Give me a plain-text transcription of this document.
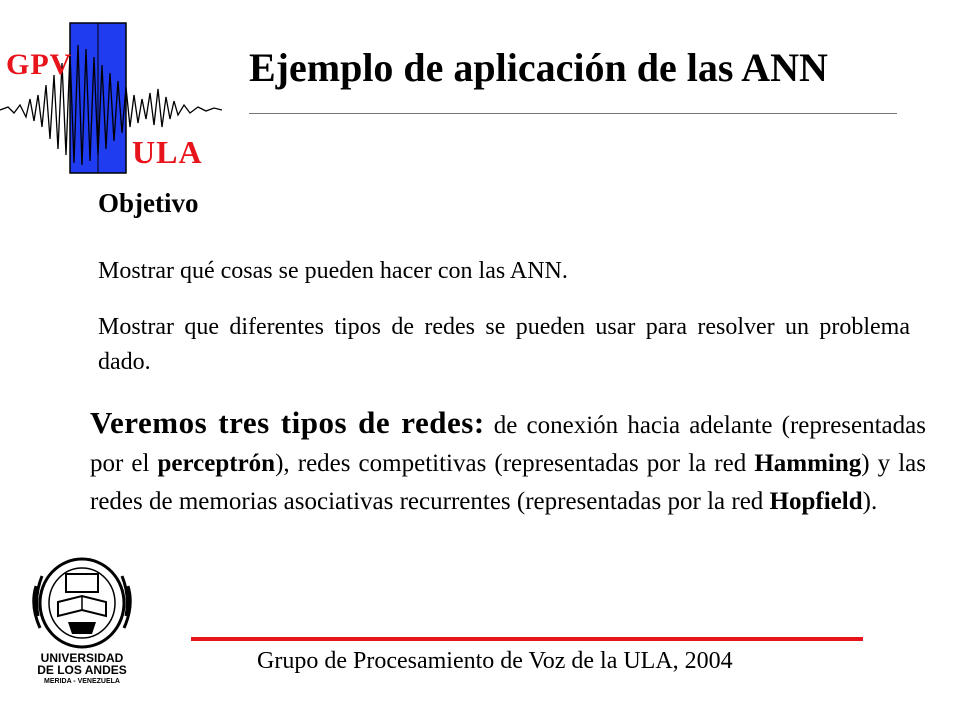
GPV
ULA
Ejemplo de aplicación de las ANN
Objetivo
Mostrar qué cosas se pueden hacer con las ANN.
Mostrar que diferentes tipos de redes se pueden usar para resolver un problema dado.
Veremos tres tipos de redes: de conexión hacia adelante (representadas por el perceptrón), redes competitivas (representadas por la red Hamming) y las redes de memorias asociativas recurrentes (representadas por la red Hopfield).
UNIVERSIDAD
DE LOS ANDES
MERIDA - VENEZUELA
Grupo de Procesamiento de Voz de la ULA, 2004
